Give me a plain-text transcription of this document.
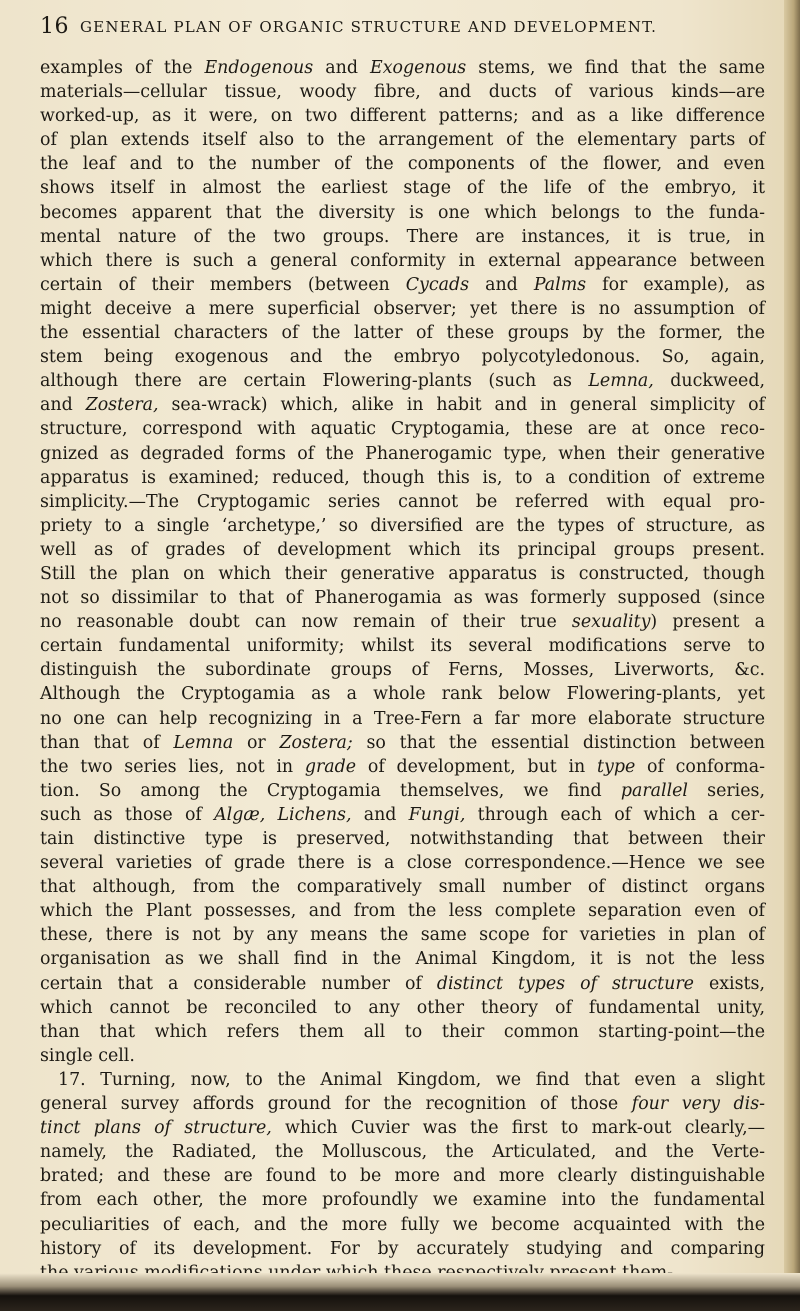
16 GENERAL PLAN OF ORGANIC STRUCTURE AND DEVELOPMENT.
examples of the Endogenous and Exogenous stems, we find that the same
materials—cellular tissue, woody fibre, and ducts of various kinds—are
worked-up, as it were, on two different patterns; and as a like difference
of plan extends itself also to the arrangement of the elementary parts of
the leaf and to the number of the components of the flower, and even
shows itself in almost the earliest stage of the life of the embryo, it
becomes apparent that the diversity is one which belongs to the funda-
mental nature of the two groups. There are instances, it is true, in
which there is such a general conformity in external appearance between
certain of their members (between Cycads and Palms for example), as
might deceive a mere superficial observer; yet there is no assumption of
the essential characters of the latter of these groups by the former, the
stem being exogenous and the embryo polycotyledonous. So, again,
although there are certain Flowering-plants (such as Lemna, duckweed,
and Zostera, sea-wrack) which, alike in habit and in general simplicity of
structure, correspond with aquatic Cryptogamia, these are at once reco-
gnized as degraded forms of the Phanerogamic type, when their generative
apparatus is examined; reduced, though this is, to a condition of extreme
simplicity.—The Cryptogamic series cannot be referred with equal pro-
priety to a single ‘archetype,’ so diversified are the types of structure, as
well as of grades of development which its principal groups present.
Still the plan on which their generative apparatus is constructed, though
not so dissimilar to that of Phanerogamia as was formerly supposed (since
no reasonable doubt can now remain of their true sexuality) present a
certain fundamental uniformity; whilst its several modifications serve to
distinguish the subordinate groups of Ferns, Mosses, Liverworts, &c.
Although the Cryptogamia as a whole rank below Flowering-plants, yet
no one can help recognizing in a Tree-Fern a far more elaborate structure
than that of Lemna or Zostera; so that the essential distinction between
the two series lies, not in grade of development, but in type of conforma-
tion. So among the Cryptogamia themselves, we find parallel series,
such as those of Algæ, Lichens, and Fungi, through each of which a cer-
tain distinctive type is preserved, notwithstanding that between their
several varieties of grade there is a close correspondence.—Hence we see
that although, from the comparatively small number of distinct organs
which the Plant possesses, and from the less complete separation even of
these, there is not by any means the same scope for varieties in plan of
organisation as we shall find in the Animal Kingdom, it is not the less
certain that a considerable number of distinct types of structure exists,
which cannot be reconciled to any other theory of fundamental unity,
than that which refers them all to their common starting-point—the
single cell.
17. Turning, now, to the Animal Kingdom, we find that even a slight
general survey affords ground for the recognition of those four very dis-
tinct plans of structure, which Cuvier was the first to mark-out clearly,—
namely, the Radiated, the Molluscous, the Articulated, and the Verte-
brated; and these are found to be more and more clearly distinguishable
from each other, the more profoundly we examine into the fundamental
peculiarities of each, and the more fully we become acquainted with the
history of its development. For by accurately studying and comparing
